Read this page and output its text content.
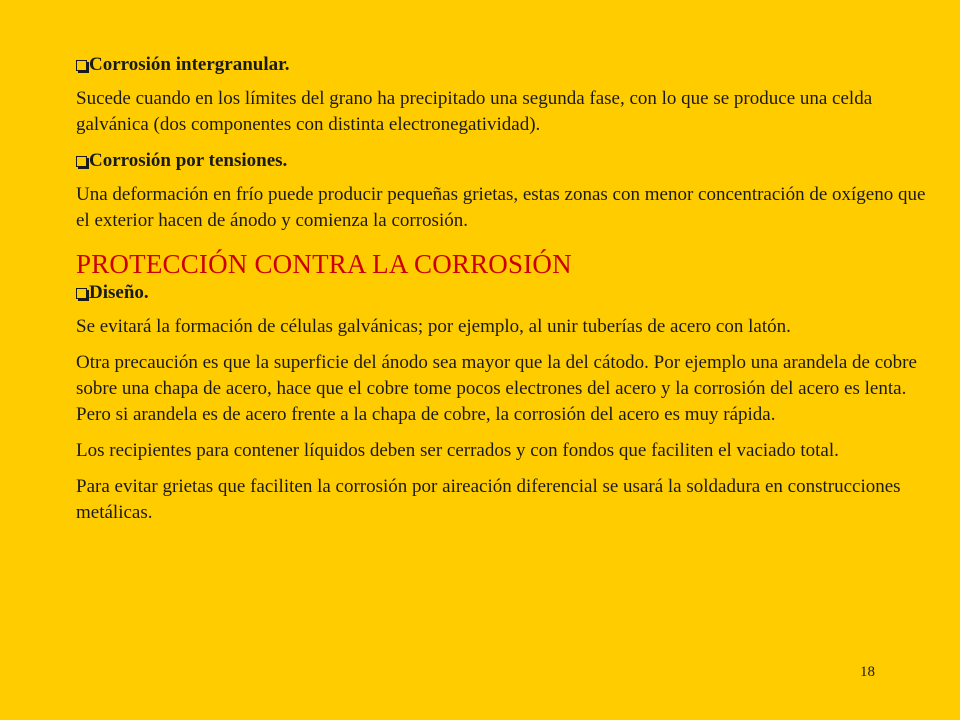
Corrosión intergranular.

Sucede cuando en los límites del grano ha precipitado una segunda fase, con lo que se produce una celda galvánica (dos componentes con distinta electronegatividad).

Corrosión por tensiones.

Una deformación en frío puede producir pequeñas grietas, estas zonas con menor concentración de oxígeno que el exterior hacen de ánodo y comienza la corrosión.

PROTECCIÓN CONTRA LA CORROSIÓN
Diseño.

Se evitará la formación de células galvánicas; por ejemplo, al unir tuberías de acero con latón.

Otra precaución es que la superficie del ánodo sea mayor que la del cátodo. Por ejemplo una arandela de cobre sobre una chapa de acero, hace que el cobre tome pocos electrones del acero y la corrosión del acero es lenta. Pero si arandela es de acero frente a la chapa de cobre, la corrosión del acero es muy rápida.

Los recipientes para contener líquidos deben ser cerrados y con fondos que faciliten el vaciado total.

Para evitar grietas que faciliten la corrosión por aireación diferencial se usará la soldadura en construcciones metálicas.

18
